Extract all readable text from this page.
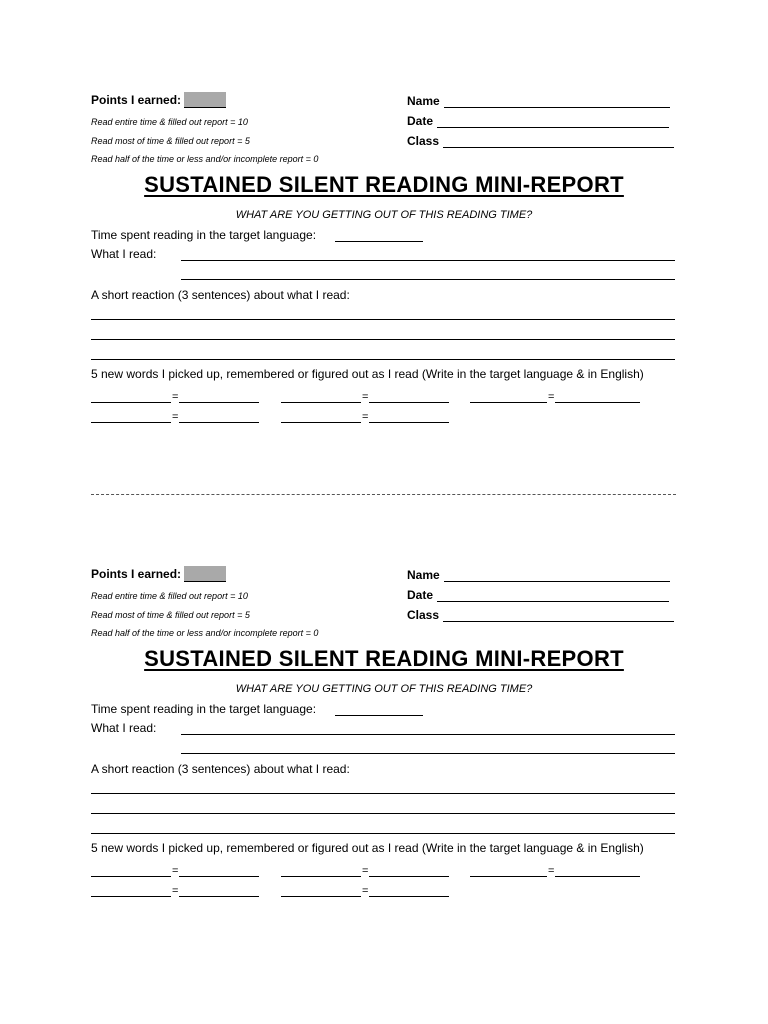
Points I earned:

Read entire time & filled out report = 10

Read most of time & filled out report = 5

Read half of the time or less and/or incomplete report = 0

Name
Date
Class
SUSTAINED SILENT READING MINI-REPORT
WHAT ARE YOU GETTING OUT OF THIS READING TIME?

Time spent reading in the target language:

What I read:

A short reaction (3 sentences) about what I read:

5 new words I picked up, remembered or figured out as I read (Write in the target language & in English)

=	=	=
=	=

Points I earned:

Read entire time & filled out report = 10

Read most of time & filled out report = 5

Read half of the time or less and/or incomplete report = 0

Name
Date
Class
SUSTAINED SILENT READING MINI-REPORT
WHAT ARE YOU GETTING OUT OF THIS READING TIME?

Time spent reading in the target language:

What I read:

A short reaction (3 sentences) about what I read:

5 new words I picked up, remembered or figured out as I read (Write in the target language & in English)

=	=	=
=	=
